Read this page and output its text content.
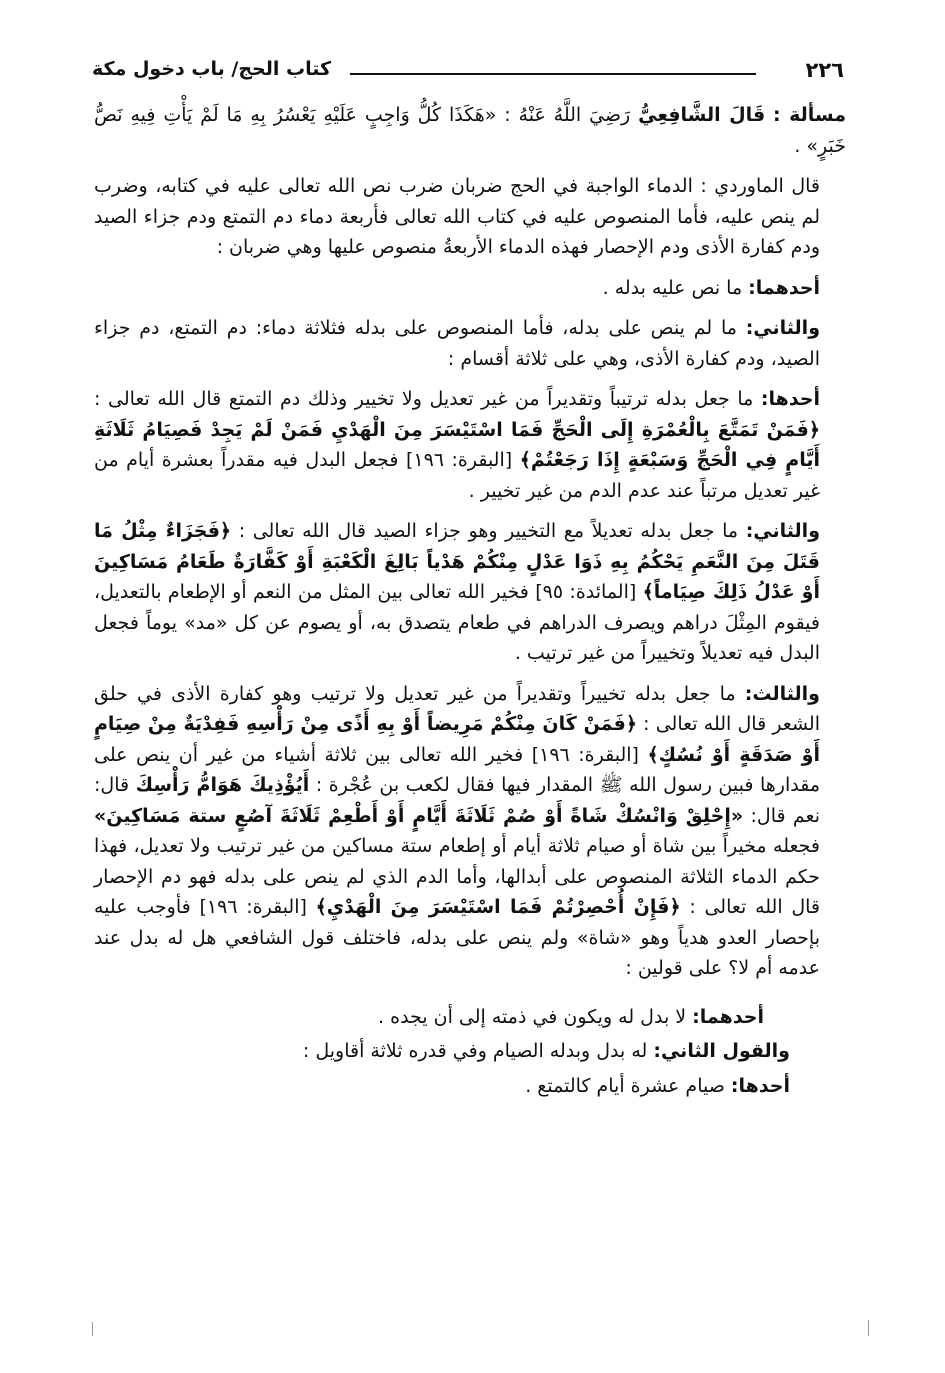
٢٢٦
كتاب الحج/ باب دخول مكة

مسألة : قَالَ الشَّافِعِيُّ رَضِيَ اللَّهُ عَنْهُ : «هَكَذَا كُلُّ وَاجِبٍ عَلَيْهِ يَعْسُرُ بِهِ مَا لَمْ يَأْتِ فِيهِ نَصُّ خَبَرٍ» .

قال الماوردي : الدماء الواجبة في الحج ضربان ضرب نص الله تعالى عليه في كتابه، وضرب لم ينص عليه، فأما المنصوص عليه في كتاب الله تعالى فأربعة دماء دم التمتع ودم جزاء الصيد ودم كفارة الأذى ودم الإحصار فهذه الدماء الأربعةُ منصوص عليها وهي ضربان :

أحدهما: ما نص عليه بدله .

والثاني: ما لم ينص على بدله، فأما المنصوص على بدله فثلاثة دماء: دم التمتع، دم جزاء الصيد، ودم كفارة الأذى، وهي على ثلاثة أقسام :

أحدها: ما جعل بدله ترتيباً وتقديراً من غير تعديل ولا تخيير وذلك دم التمتع قال الله تعالى : ﴿فَمَنْ تَمَتَّعَ بِالْعُمْرَةِ إِلَى الْحَجِّ فَمَا اسْتَيْسَرَ مِنَ الْهَدْيِ فَمَنْ لَمْ يَجِدْ فَصِيَامُ ثَلَاثَةِ أَيَّامٍ فِي الْحَجِّ وَسَبْعَةٍ إِذَا رَجَعْتُمْ﴾ [البقرة: ١٩٦] فجعل البدل فيه مقدراً بعشرة أيام من غير تعديل مرتباً عند عدم الدم من غير تخيير .

والثاني: ما جعل بدله تعديلاً مع التخيير وهو جزاء الصيد قال الله تعالى : ﴿فَجَزَاءٌ مِثْلُ مَا قَتَلَ مِنَ النَّعَمِ يَحْكُمُ بِهِ ذَوَا عَدْلٍ مِنْكُمْ هَدْياً بَالِغَ الْكَعْبَةِ أَوْ كَفَّارَةٌ طَعَامُ مَسَاكِينَ أَوْ عَدْلُ ذَلِكَ صِيَاماً﴾ [المائدة: ٩٥] فخير الله تعالى بين المثل من النعم أو الإطعام بالتعديل، فيقوم المِثْلَ دراهم ويصرف الدراهم في طعام يتصدق به، أو يصوم عن كل «مد» يوماً فجعل البدل فيه تعديلاً وتخييراً من غير ترتيب .

والثالث: ما جعل بدله تخييراً وتقديراً من غير تعديل ولا ترتيب وهو كفارة الأذى في حلق الشعر قال الله تعالى : ﴿فَمَنْ كَانَ مِنْكُمْ مَرِيضاً أَوْ بِهِ أَذًى مِنْ رَأْسِهِ فَفِدْيَةٌ مِنْ صِيَامٍ أَوْ صَدَقَةٍ أَوْ نُسُكٍ﴾ [البقرة: ١٩٦] فخير الله تعالى بين ثلاثة أشياء من غير أن ينص على مقدارها فبين رسول الله ﷺ المقدار فيها فقال لكعب بن عُجْرة : أَيُؤْذِيكَ هَوَامُّ رَأْسِكَ قال: نعم قال: «إِحْلِقْ وَانْسُكْ شَاةً أَوْ صُمْ ثَلَاثَةَ أَيَّامٍ أَوْ أَطْعِمْ ثَلَاثَةَ آصُعٍ ستة مَسَاكِينَ» فجعله مخيراً بين شاة أو صيام ثلاثة أيام أو إطعام ستة مساكين من غير ترتيب ولا تعديل، فهذا حكم الدماء الثلاثة المنصوص على أبدالها، وأما الدم الذي لم ينص على بدله فهو دم الإحصار قال الله تعالى : ﴿فَإِنْ أُحْصِرْتُمْ فَمَا اسْتَيْسَرَ مِنَ الْهَدْيِ﴾ [البقرة: ١٩٦] فأوجب عليه بإحصار العدو هدياً وهو «شاة» ولم ينص على بدله، فاختلف قول الشافعي هل له بدل عند عدمه أم لا؟ على قولين :

أحدهما: لا بدل له ويكون في ذمته إلى أن يجده .

والقول الثاني: له بدل وبدله الصيام وفي قدره ثلاثة أقاويل :

أحدها: صيام عشرة أيام كالتمتع .
